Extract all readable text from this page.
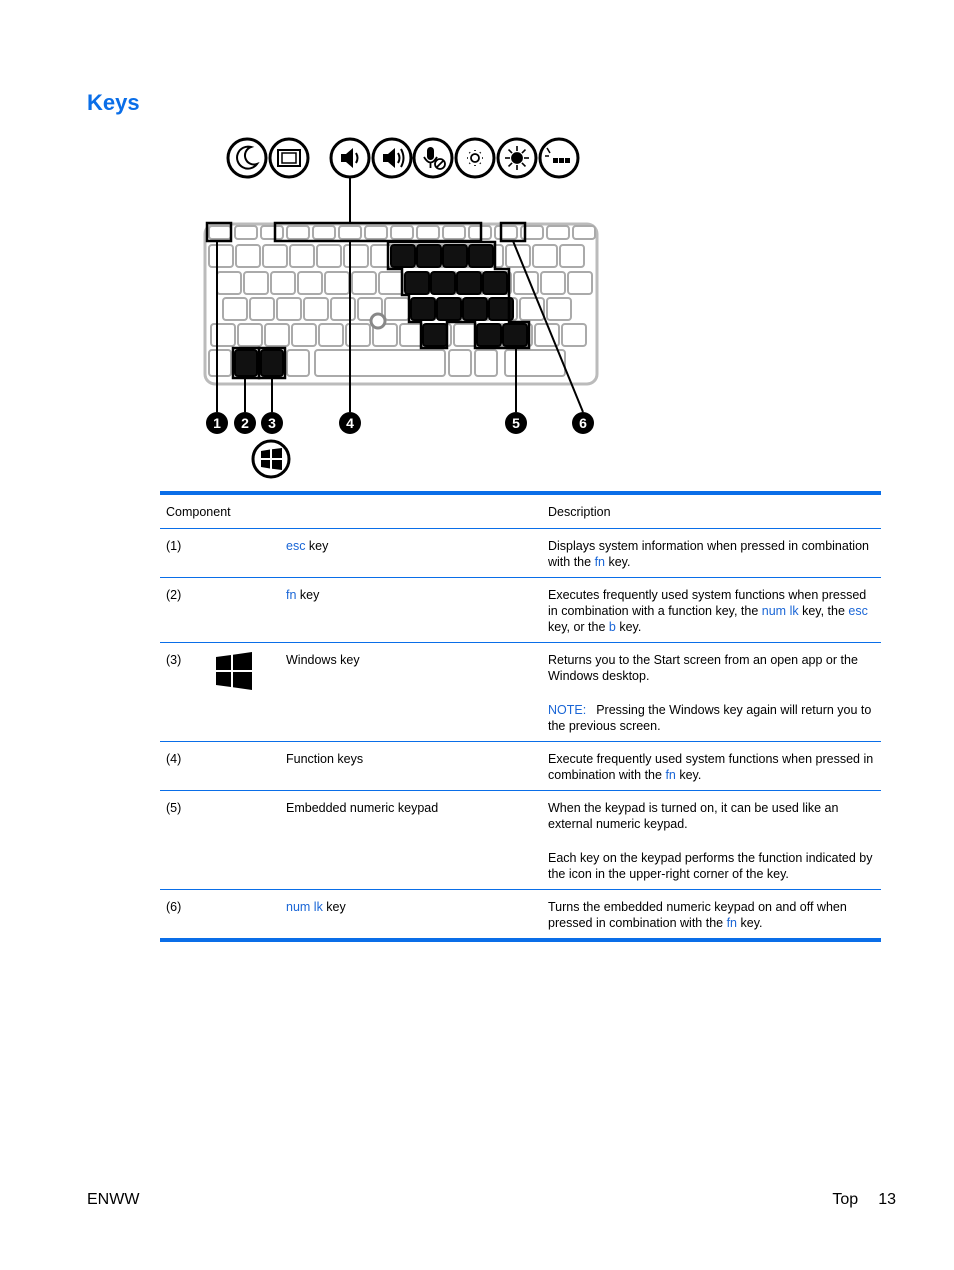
Keys
1 2 3	4	5	6
Component			Description
(1)		esc key	Displays system information when pressed in combination with the fn key.

(2)		fn key	Executes frequently used system functions when pressed in combination with a function key, the num lk key, the esc key, or the b key.

(3)		Windows key	Returns you to the Start screen from an open app or the Windows desktop.

NOTE: Pressing the Windows key again will return you to the previous screen.

(4)		Function keys	Execute frequently used system functions when pressed in combination with the fn key.

(5)		Embedded numeric keypad	When the keypad is turned on, it can be used like an external numeric keypad.

Each key on the keypad performs the function indicated by the icon in the upper-right corner of the key.

(6)		num lk key	Turns the embedded numeric keypad on and off when pressed in combination with the fn key.

ENWW	Top 13
